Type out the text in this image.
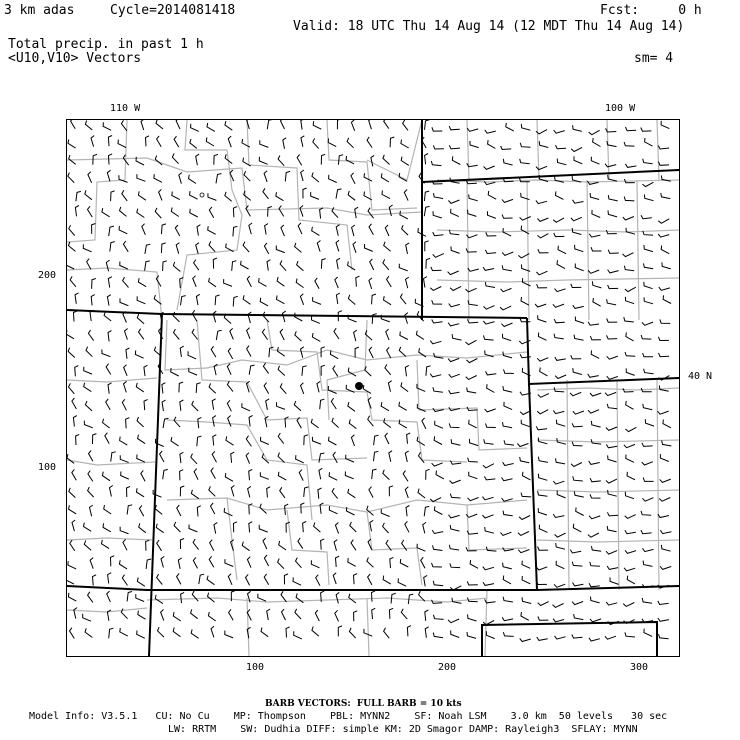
3 km adas	Cycle=2014081418	Fcst:     0 h
Valid: 18 UTC Thu 14 Aug 14 (12 MDT Thu 14 Aug 14)
Total precip. in past 1 h
<U10,V10> Vectors	sm= 4
110 W	100 W
40 N
200
100
100	200	300
BARB VECTORS:  FULL BARB = 10 kts
Model Info: V3.5.1   CU: No Cu    MP: Thompson    PBL: MYNN2    SF: Noah LSM    3.0 km  50 levels   30 sec
LW: RRTM    SW: Dudhia DIFF: simple KM: 2D Smagor DAMP: Rayleigh3  SFLAY: MYNN
